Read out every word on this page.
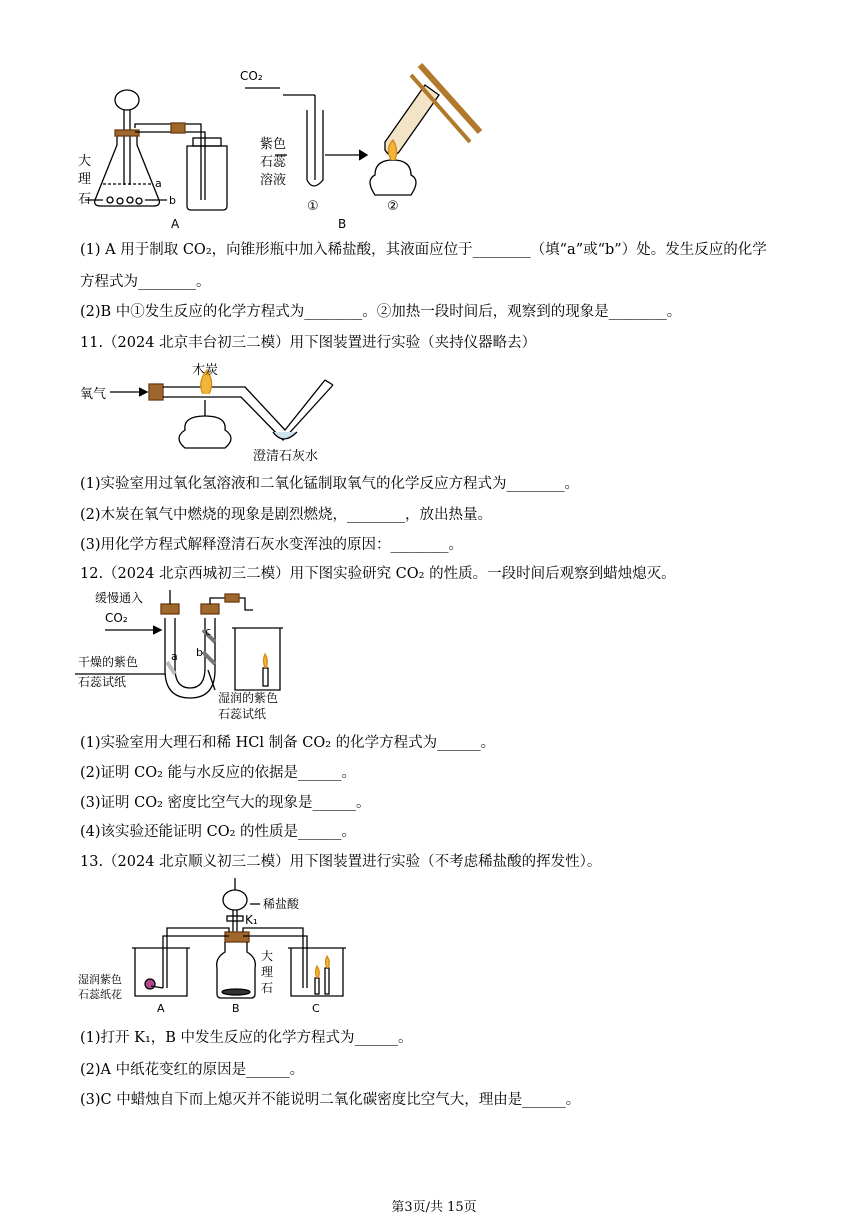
CO₂
紫色
石蕊
溶液
大
理
石
a
b
A	B
①	②
(1) A 用于制取 CO₂，向锥形瓶中加入稀盐酸，其液面应位于________（填“a”或“b”）处。发生反应的化学
方程式为________。
(2)B 中①发生反应的化学方程式为________。②加热一段时间后，观察到的现象是________。
11.（2024 北京丰台初三二模）用下图装置进行实验（夹持仪器略去）
氧气
木炭
澄清石灰水
(1)实验室用过氧化氢溶液和二氧化锰制取氧气的化学反应方程式为________。
(2)木炭在氧气中燃烧的现象是剧烈燃烧，________，放出热量。
(3)用化学方程式解释澄清石灰水变浑浊的原因：________。
12.（2024 北京西城初三二模）用下图实验研究 CO₂ 的性质。一段时间后观察到蜡烛熄灭。
缓慢通入
CO₂
干燥的紫色
石蕊试纸
湿润的紫色
石蕊试纸
a b
c
(1)实验室用大理石和稀 HCl 制备 CO₂ 的化学方程式为______。
(2)证明 CO₂ 能与水反应的依据是______。
(3)证明 CO₂ 密度比空气大的现象是______。
(4)该实验还能证明 CO₂ 的性质是______。
13.（2024 北京顺义初三二模）用下图装置进行实验（不考虑稀盐酸的挥发性）。
稀盐酸
K₁
大
理
石
湿润紫色
石蕊纸花
A	B	C
(1)打开 K₁，B 中发生反应的化学方程式为______。
(2)A 中纸花变红的原因是______。
(3)C 中蜡烛自下而上熄灭并不能说明二氧化碳密度比空气大，理由是______。
第3页/共 15页
